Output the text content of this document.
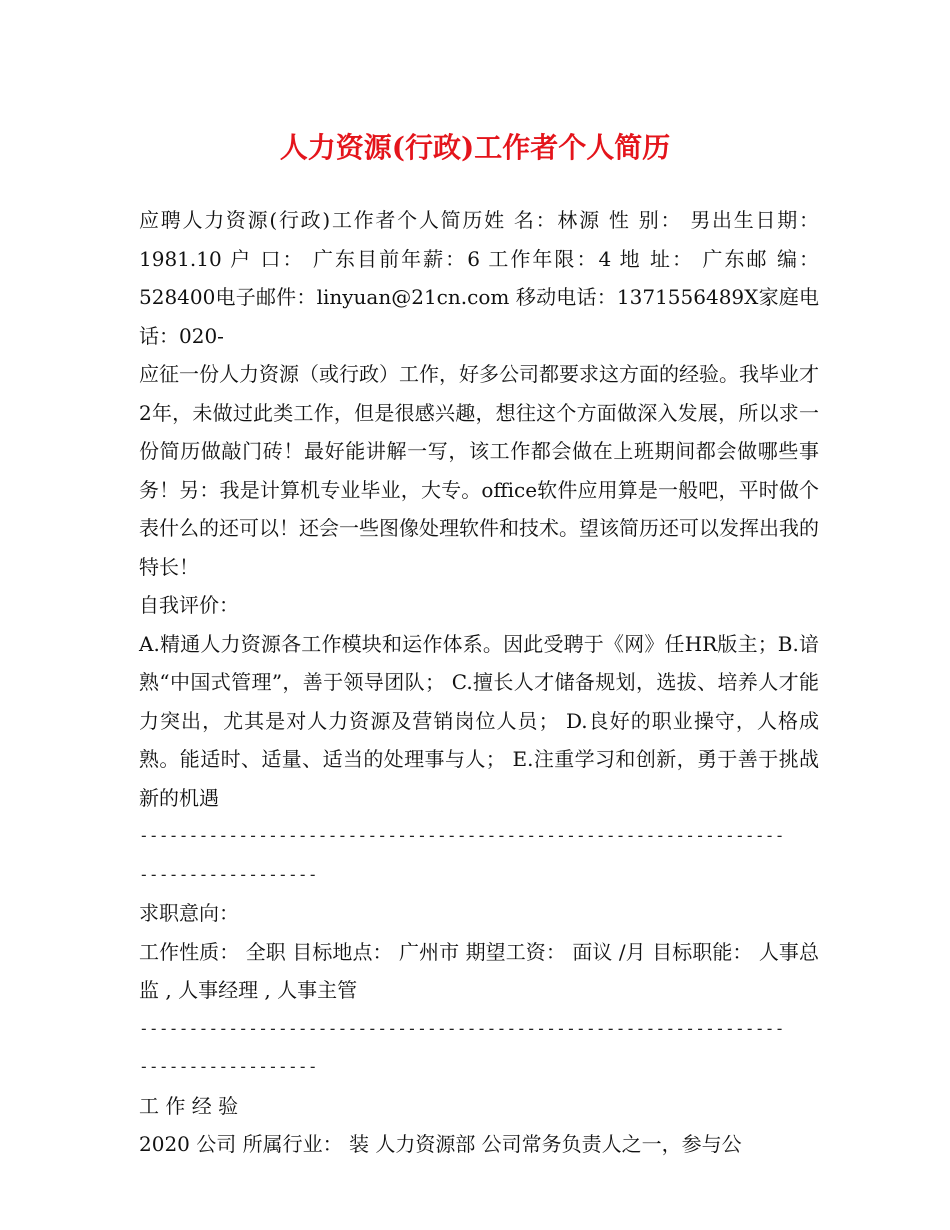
人力资源(行政)工作者个人简历

应聘人力资源(行政)工作者个人简历姓 名：林源 性 别： 男出生日期：1981.10 户 口： 广东目前年薪：6 工作年限：4 地 址： 广东邮 编： 528400电子邮件：linyuan@21cn.com 移动电话：1371556489X家庭电话：020-

应征一份人力资源（或行政）工作，好多公司都要求这方面的经验。我毕业才2年，未做过此类工作，但是很感兴趣，想往这个方面做深入发展，所以求一份简历做敲门砖！最好能讲解一写，该工作都会做在上班期间都会做哪些事务！另：我是计算机专业毕业，大专。office软件应用算是一般吧，平时做个表什么的还可以！还会一些图像处理软件和技术。望该简历还可以发挥出我的特长！

自我评价：

A.精通人力资源各工作模块和运作体系。因此受聘于《网》任HR版主；B.谙熟“中国式管理”，善于领导团队； C.擅长人才储备规划，选拔、培养人才能力突出，尤其是对人力资源及营销岗位人员； D.良好的职业操守，人格成熟。能适时、适量、适当的处理事与人； E.注重学习和创新，勇于善于挑战新的机遇

-----------------------------------------------------------------

------------------

求职意向：

工作性质： 全职 目标地点： 广州市 期望工资： 面议 /月 目标职能： 人事总监 , 人事经理 , 人事主管

-----------------------------------------------------------------

------------------

工 作 经 验

2020 公司 所属行业： 装 人力资源部 公司常务负责人之一，参与公
